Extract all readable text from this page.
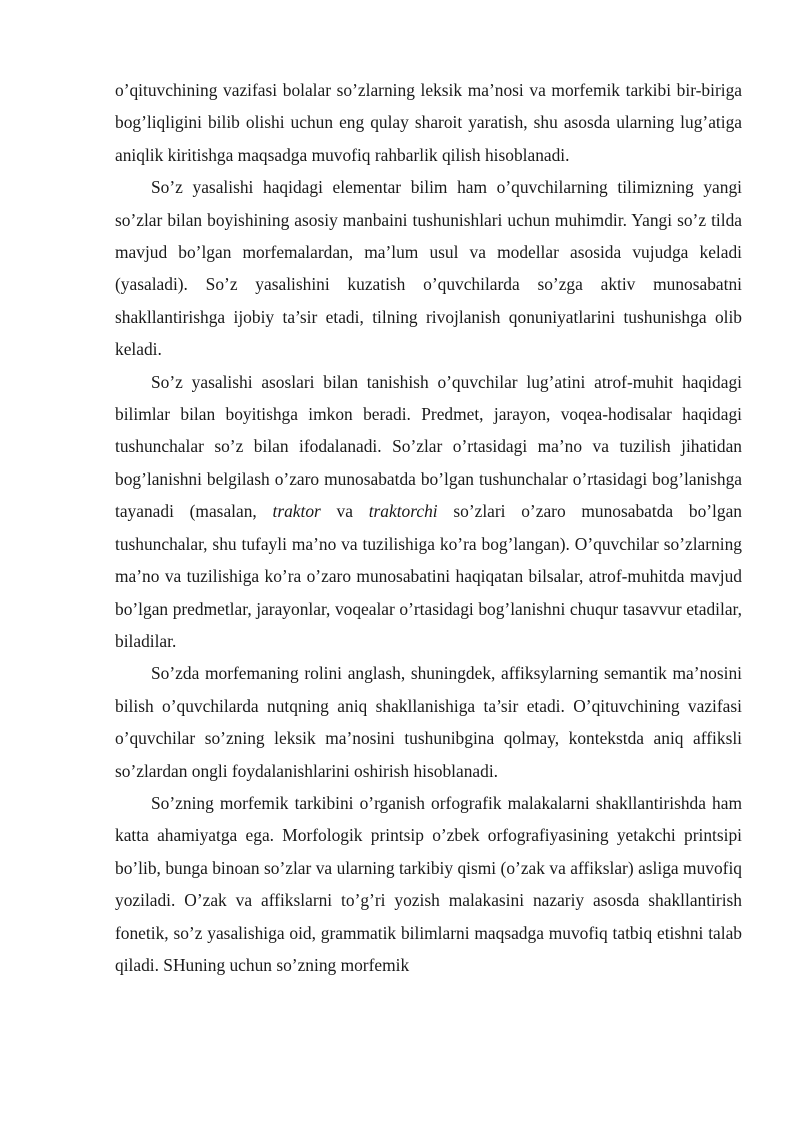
o’qituvchining vazifasi bolalar so’zlarning leksik ma’nosi va morfemik tarkibi bir-biriga bog’liqligini bilib olishi uchun eng qulay sharoit yaratish, shu asosda ularning lug’atiga aniqlik kiritishga maqsadga muvofiq rahbarlik qilish hisoblanadi.

So’z yasalishi haqidagi elementar bilim ham o’quvchilarning tilimizning yangi so’zlar bilan boyishining asosiy manbaini tushunishlari uchun muhimdir. Yangi so’z tilda mavjud bo’lgan morfemalardan, ma’lum usul va modellar asosida vujudga keladi (yasaladi). So’z yasalishini kuzatish o’quvchilarda so’zga aktiv munosabatni shakllantirishga ijobiy ta’sir etadi, tilning rivojlanish qonuniyatlarini tushunishga olib keladi.

So’z yasalishi asoslari bilan tanishish o’quvchilar lug’atini atrof-muhit haqidagi bilimlar bilan boyitishga imkon beradi. Predmet, jarayon, voqea-hodisalar haqidagi tushunchalar so’z bilan ifodalanadi. So’zlar o’rtasidagi ma’no va tuzilish jihatidan bog’lanishni belgilash o’zaro munosabatda bo’lgan tushunchalar o’rtasidagi bog’lanishga tayanadi (masalan, traktor va traktorchi so’zlari o’zaro munosabatda bo’lgan tushunchalar, shu tufayli ma’no va tuzilishiga ko’ra bog’langan). O’quvchilar so’zlarning ma’no va tuzilishiga ko’ra o’zaro munosabatini haqiqatan bilsalar, atrof-muhitda mavjud bo’lgan predmetlar, jarayonlar, voqealar o’rtasidagi bog’lanishni chuqur tasavvur etadilar, biladilar.

So’zda morfemaning rolini anglash, shuningdek, affiksylarning semantik ma’nosini bilish o’quvchilarda nutqning aniq shakllanishiga ta’sir etadi. O’qituvchining vazifasi o’quvchilar so’zning leksik ma’nosini tushunibgina qolmay, kontekstda aniq affiksli so’zlardan ongli foydalanishlarini oshirish hisoblanadi.

So’zning morfemik tarkibini o’rganish orfografik malakalarni shakllantirishda ham katta ahamiyatga ega. Morfologik printsip o’zbek orfografiyasining yetakchi printsipi bo’lib, bunga binoan so’zlar va ularning tarkibiy qismi (o’zak va affikslar) asliga muvofiq yoziladi. O’zak va affikslarni to’g’ri yozish malakasini nazariy asosda shakllantirish fonetik, so’z yasalishiga oid, grammatik bilimlarni maqsadga muvofiq tatbiq etishni talab qiladi. SHuning uchun so’zning morfemik
